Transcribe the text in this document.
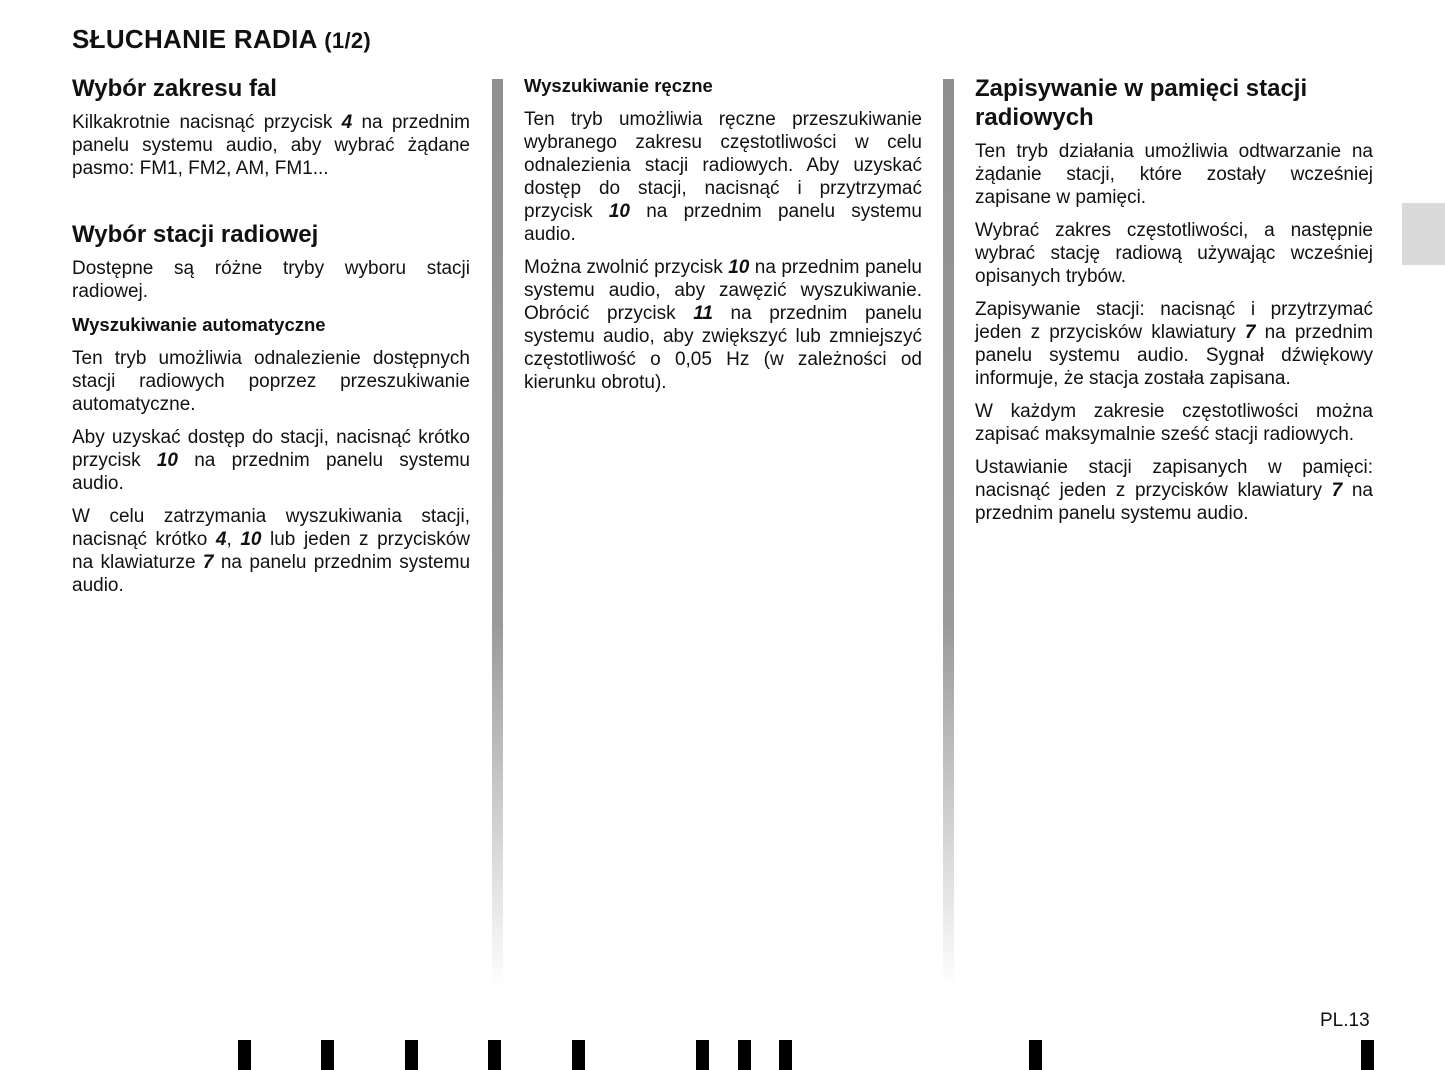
SŁUCHANIE RADIA (1/2)
Wybór zakresu fal

Kilkakrotnie nacisnąć przycisk 4 na przednim panelu systemu audio, aby wybrać żądane pasmo: FM1, FM2, AM, FM1...

Wybór stacji radiowej

Dostępne są różne tryby wyboru stacji radiowej.

Wyszukiwanie automatyczne

Ten tryb umożliwia odnalezienie dostępnych stacji radiowych poprzez przeszukiwanie automatyczne.

Aby uzyskać dostęp do stacji, nacisnąć krótko przycisk 10 na przednim panelu systemu audio.

W celu zatrzymania wyszukiwania stacji, nacisnąć krótko 4, 10 lub jeden z przycisków na klawiaturze 7 na panelu przednim systemu audio.

Wyszukiwanie ręczne

Ten tryb umożliwia ręczne przeszukiwanie wybranego zakresu częstotliwości w celu odnalezienia stacji radiowych. Aby uzyskać dostęp do stacji, nacisnąć i przytrzymać przycisk 10 na przednim panelu systemu audio.

Można zwolnić przycisk 10 na przednim panelu systemu audio, aby zawęzić wyszukiwanie. Obrócić przycisk 11 na przednim panelu systemu audio, aby zwiększyć lub zmniejszyć częstotliwość o 0,05 Hz (w zależności od kierunku obrotu).

Zapisywanie w pamięci stacji radiowych

Ten tryb działania umożliwia odtwarzanie na żądanie stacji, które zostały wcześniej zapisane w pamięci.

Wybrać zakres częstotliwości, a następnie wybrać stację radiową używając wcześniej opisanych trybów.

Zapisywanie stacji: nacisnąć i przytrzymać jeden z przycisków klawiatury 7 na przednim panelu systemu audio. Sygnał dźwiękowy informuje, że stacja została zapisana.

W każdym zakresie częstotliwości można zapisać maksymalnie sześć stacji radiowych.

Ustawianie stacji zapisanych w pamięci: nacisnąć jeden z przycisków klawiatury 7 na przednim panelu systemu audio.

PL.13
